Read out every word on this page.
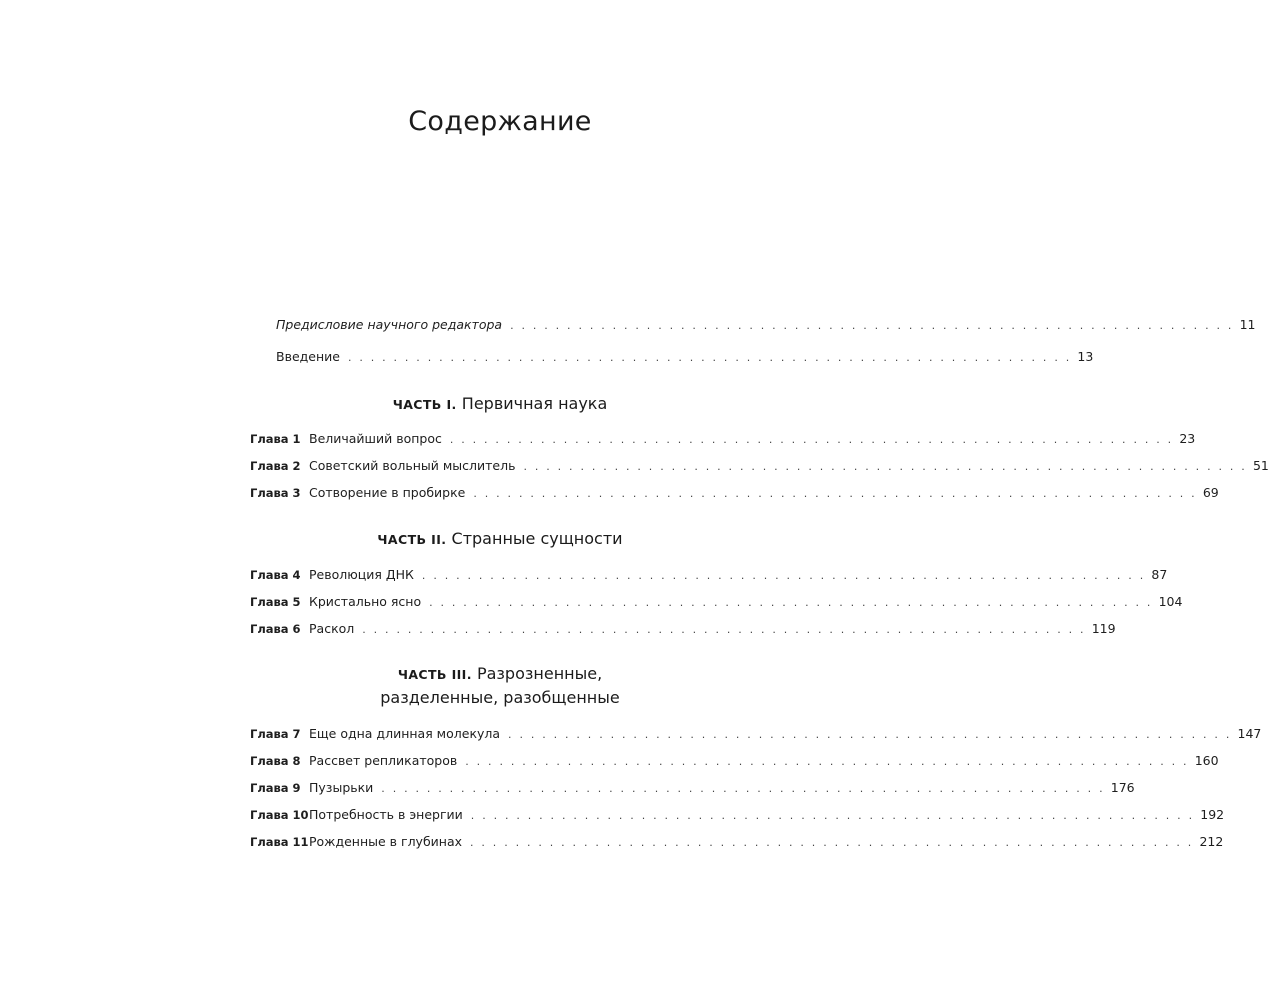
Содержание
Предисловие научного редактора . . . . . . . . . . . . . . . . . . . . . . . . . . . . . . . . . . . . . . . . . . . . . . . . . . . . . . . . . . . . . . . . 11
Введение . . . . . . . . . . . . . . . . . . . . . . . . . . . . . . . . . . . . . . . . . . . . . . . . . . . . . . . . . . . . . . . . 13
ЧАСТЬ I. Первичная наука
Глава 1 Величайший вопрос . . . . . . . . . . . . . . . . . . . . . . . . . . . . . . . . . . . . . . . . . . . . . . . . . . . . . . . . . . . . . . . . 23
Глава 2 Советский вольный мыслитель . . . . . . . . . . . . . . . . . . . . . . . . . . . . . . . . . . . . . . . . . . . . . . . . . . . . . . . . . . . . . . . . 51
Глава 3 Сотворение в пробирке . . . . . . . . . . . . . . . . . . . . . . . . . . . . . . . . . . . . . . . . . . . . . . . . . . . . . . . . . . . . . . . . 69
ЧАСТЬ II. Странные сущности
Глава 4 Революция ДНК . . . . . . . . . . . . . . . . . . . . . . . . . . . . . . . . . . . . . . . . . . . . . . . . . . . . . . . . . . . . . . . . 87
Глава 5 Кристально ясно . . . . . . . . . . . . . . . . . . . . . . . . . . . . . . . . . . . . . . . . . . . . . . . . . . . . . . . . . . . . . . . . 104
Глава 6 Раскол . . . . . . . . . . . . . . . . . . . . . . . . . . . . . . . . . . . . . . . . . . . . . . . . . . . . . . . . . . . . . . . . 119
ЧАСТЬ III. Разрозненные,
разделенные, разобщенные
Глава 7 Еще одна длинная молекула . . . . . . . . . . . . . . . . . . . . . . . . . . . . . . . . . . . . . . . . . . . . . . . . . . . . . . . . . . . . . . . . 147
Глава 8 Рассвет репликаторов . . . . . . . . . . . . . . . . . . . . . . . . . . . . . . . . . . . . . . . . . . . . . . . . . . . . . . . . . . . . . . . . 160
Глава 9 Пузырьки . . . . . . . . . . . . . . . . . . . . . . . . . . . . . . . . . . . . . . . . . . . . . . . . . . . . . . . . . . . . . . . . 176
Глава 10 Потребность в энергии . . . . . . . . . . . . . . . . . . . . . . . . . . . . . . . . . . . . . . . . . . . . . . . . . . . . . . . . . . . . . . . . 192
Глава 11 Рожденные в глубинах . . . . . . . . . . . . . . . . . . . . . . . . . . . . . . . . . . . . . . . . . . . . . . . . . . . . . . . . . . . . . . . . 212
